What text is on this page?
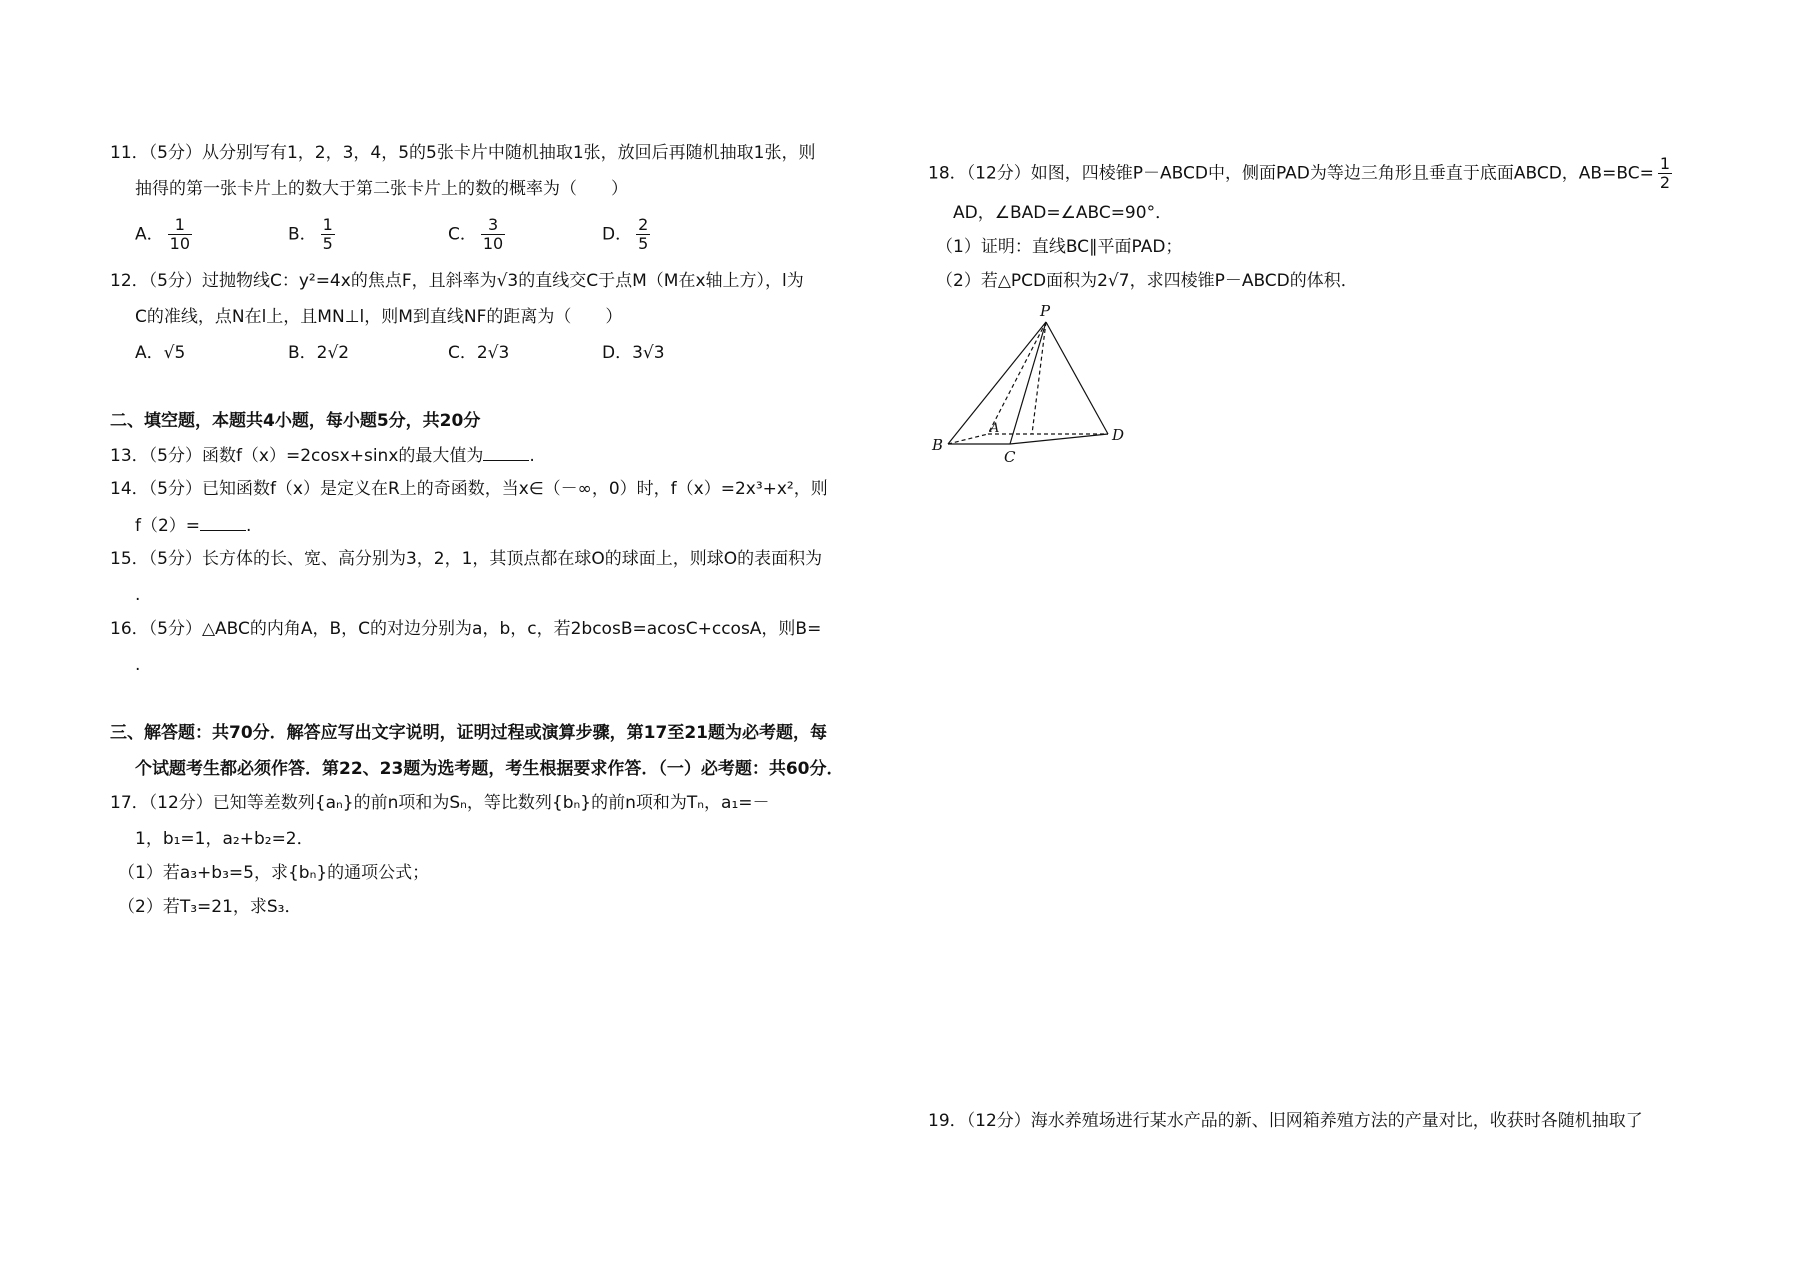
11．（5分）从分别写有1，2，3，4，5的5张卡片中随机抽取1张，放回后再随机抽取1张，则
抽得的第一张卡片上的数大于第二张卡片上的数的概率为（　　）
A． $\frac{1}{10}$	B． $\frac{1}{5}$	C． $\frac{3}{10}$	D． $\frac{2}{5}$
12．（5分）过抛物线C：y²=4x的焦点F，且斜率为√3的直线交C于点M（M在x轴上方），l为
C的准线，点N在l上，且MN⊥l，则M到直线NF的距离为（　　）
A．√5	B．2√2	C．2√3	D．3√3
二、填空题，本题共4小题，每小题5分，共20分
13．（5分）函数f（x）=2cosx+sinx的最大值为	.
14．（5分）已知函数f（x）是定义在R上的奇函数，当x∈（－∞，0）时，f（x）=2x³+x²，则
f（2）=	.
15．（5分）长方体的长、宽、高分别为3，2，1，其顶点都在球O的球面上，则球O的表面积为
.
16．（5分）△ABC的内角A，B，C的对边分别为a，b，c，若2bcosB=acosC+ccosA，则B=
.
三、解答题：共70分．解答应写出文字说明，证明过程或演算步骤，第17至21题为必考题，每
个试题考生都必须作答．第22、23题为选考题，考生根据要求作答．（一）必考题：共60分．
17．（12分）已知等差数列{aₙ}的前n项和为Sₙ，等比数列{bₙ}的前n项和为Tₙ，a₁=－
1，b₁=1，a₂+b₂=2．
（1）若a₃+b₃=5，求{bₙ}的通项公式；
（2）若T₃=21，求S₃．
18．（12分）如图，四棱锥P－ABCD中，侧面PAD为等边三角形且垂直于底面ABCD，$AB=BC= \frac{1}{2}$
AD，∠BAD=∠ABC=90°．
（1）证明：直线BC∥平面PAD；
（2）若△PCD面积为2√7，求四棱锥P－ABCD的体积．
P
A
B
C
D
19．（12分）海水养殖场进行某水产品的新、旧网箱养殖方法的产量对比，收获时各随机抽取了
